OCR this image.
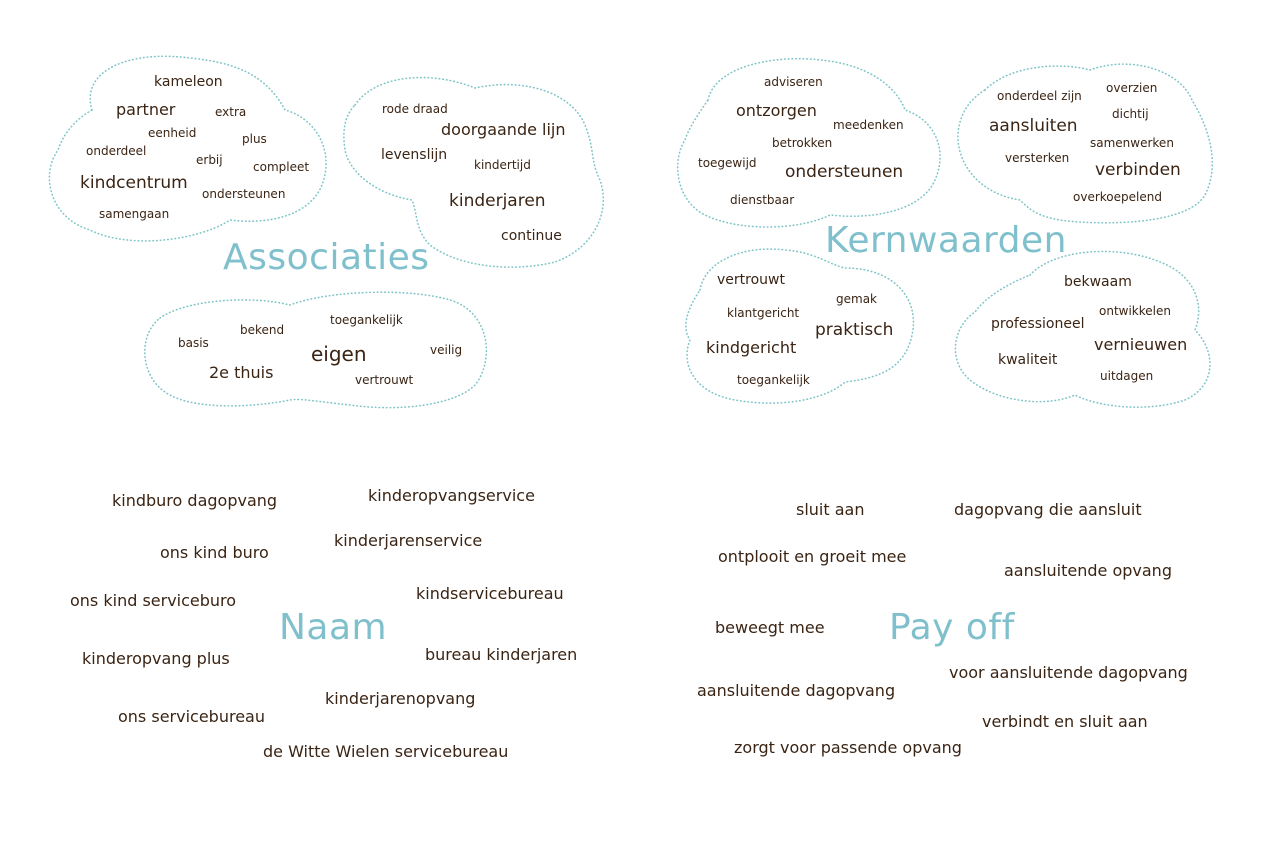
Associaties
kameleon
partner	extra
eenheid	plus
onderdeel
erbij	compleet
kindcentrum
ondersteunen
samengaan
rode draad
doorgaande lijn
levenslijn
kindertijd
kinderjaren
continue
bekend
toegankelijk
basis	eigen	veilig
2e thuis	vertrouwt
Kernwaarden
adviseren
ontzorgen
meedenken
betrokken
toegewijd ondersteunen
dienstbaar
onderdeel zijn
overzien
dichtij
aansluiten
samenwerken
versterken
verbinden
overkoepelend
vertrouwt
gemak
klantgericht
praktisch
kindgericht
toegankelijk
bekwaam
ontwikkelen
professioneel
vernieuwen
kwaliteit
uitdagen
Naam
kindburo dagopvang	kinderopvangservice
ons kind buro
kinderjarenservice
ons kind serviceburo	kindservicebureau
kinderopvang plus	bureau kinderjaren
kinderjarenopvang
ons servicebureau
de Witte Wielen servicebureau
Pay off
sluit aan	dagopvang die aansluit
ontplooit en groeit mee
aansluitende opvang
beweegt mee
voor aansluitende dagopvang
aansluitende dagopvang
verbindt en sluit aan
zorgt voor passende opvang
